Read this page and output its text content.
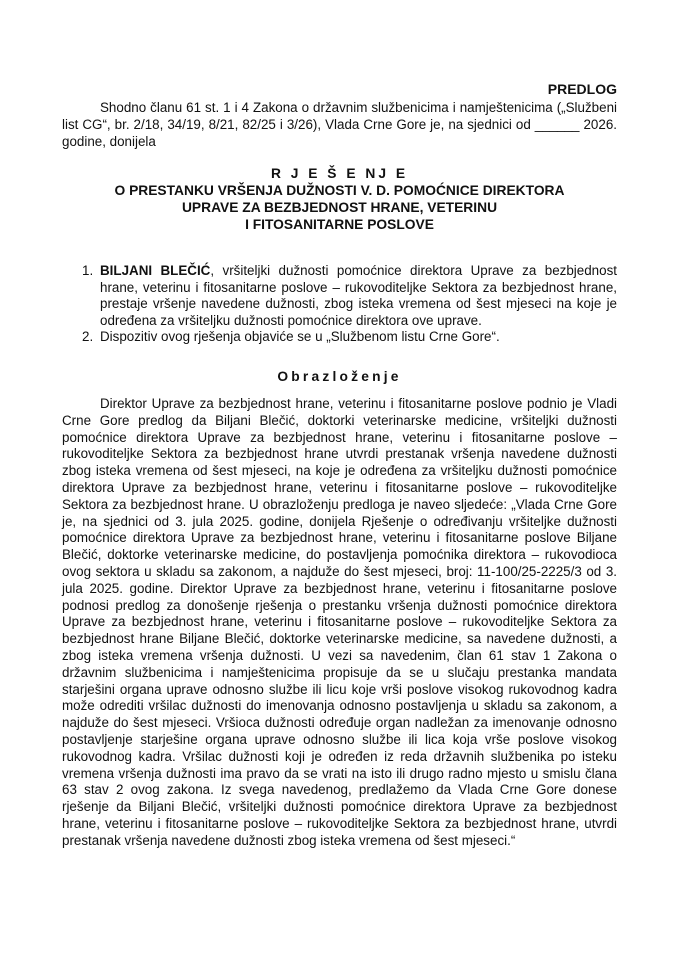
PREDLOG
Shodno članu 61 st. 1 i 4 Zakona o državnim službenicima i namještenicima („Službeni list CG“, br. 2/18, 34/19, 8/21, 82/25 i 3/26), Vlada Crne Gore je, na sjednici od ______ 2026. godine, donijela
R J E Š E NJ E
O PRESTANKU VRŠENJA DUŽNOSTI V. D. POMOĆNICE DIREKTORA
UPRAVE ZA BEZBJEDNOST HRANE, VETERINU
I FITOSANITARNE POSLOVE
1. BILJANI BLEČIĆ, vršiteljki dužnosti pomoćnice direktora Uprave za bezbjednost hrane, veterinu i fitosanitarne poslove – rukovoditeljke Sektora za bezbjednost hrane, prestaje vršenje navedene dužnosti, zbog isteka vremena od šest mjeseci na koje je određena za vršiteljku dužnosti pomoćnice direktora ove uprave.
2. Dispozitiv ovog rješenja objaviće se u „Službenom listu Crne Gore“.
Obrazloženje

Direktor Uprave za bezbjednost hrane, veterinu i fitosanitarne poslove podnio je Vladi Crne Gore predlog da Biljani Blečić, doktorki veterinarske medicine, vršiteljki dužnosti pomoćnice direktora Uprave za bezbjednost hrane, veterinu i fitosanitarne poslove – rukovoditeljke Sektora za bezbjednost hrane utvrdi prestanak vršenja navedene dužnosti zbog isteka vremena od šest mjeseci, na koje je određena za vršiteljku dužnosti pomoćnice direktora Uprave za bezbjednost hrane, veterinu i fitosanitarne poslove – rukovoditeljke Sektora za bezbjednost hrane. U obrazloženju predloga je naveo sljedeće: „Vlada Crne Gore je, na sjednici od 3. jula 2025. godine, donijela Rješenje o određivanju vršiteljke dužnosti pomoćnice direktora Uprave za bezbjednost hrane, veterinu i fitosanitarne poslove Biljane Blečić, doktorke veterinarske medicine, do postavljenja pomoćnika direktora – rukovodioca ovog sektora u skladu sa zakonom, a najduže do šest mjeseci, broj: 11-100/25-2225/3 od 3. jula 2025. godine. Direktor Uprave za bezbjednost hrane, veterinu i fitosanitarne poslove podnosi predlog za donošenje rješenja o prestanku vršenja dužnosti pomoćnice direktora Uprave za bezbjednost hrane, veterinu i fitosanitarne poslove – rukovoditeljke Sektora za bezbjednost hrane Biljane Blečić, doktorke veterinarske medicine, sa navedene dužnosti, a zbog isteka vremena vršenja dužnosti. U vezi sa navedenim, član 61 stav 1 Zakona o državnim službenicima i namještenicima propisuje da se u slučaju prestanka mandata starješini organa uprave odnosno službe ili licu koje vrši poslove visokog rukovodnog kadra može odrediti vršilac dužnosti do imenovanja odnosno postavljenja u skladu sa zakonom, a najduže do šest mjeseci. Vršioca dužnosti određuje organ nadležan za imenovanje odnosno postavljenje starješine organa uprave odnosno službe ili lica koja vrše poslove visokog rukovodnog kadra. Vršilac dužnosti koji je određen iz reda državnih službenika po isteku vremena vršenja dužnosti ima pravo da se vrati na isto ili drugo radno mjesto u smislu člana 63 stav 2 ovog zakona. Iz svega navedenog, predlažemo da Vlada Crne Gore donese rješenje da Biljani Blečić, vršiteljki dužnosti pomoćnice direktora Uprave za bezbjednost hrane, veterinu i fitosanitarne poslove – rukovoditeljke Sektora za bezbjednost hrane, utvrdi prestanak vršenja navedene dužnosti zbog isteka vremena od šest mjeseci.“
